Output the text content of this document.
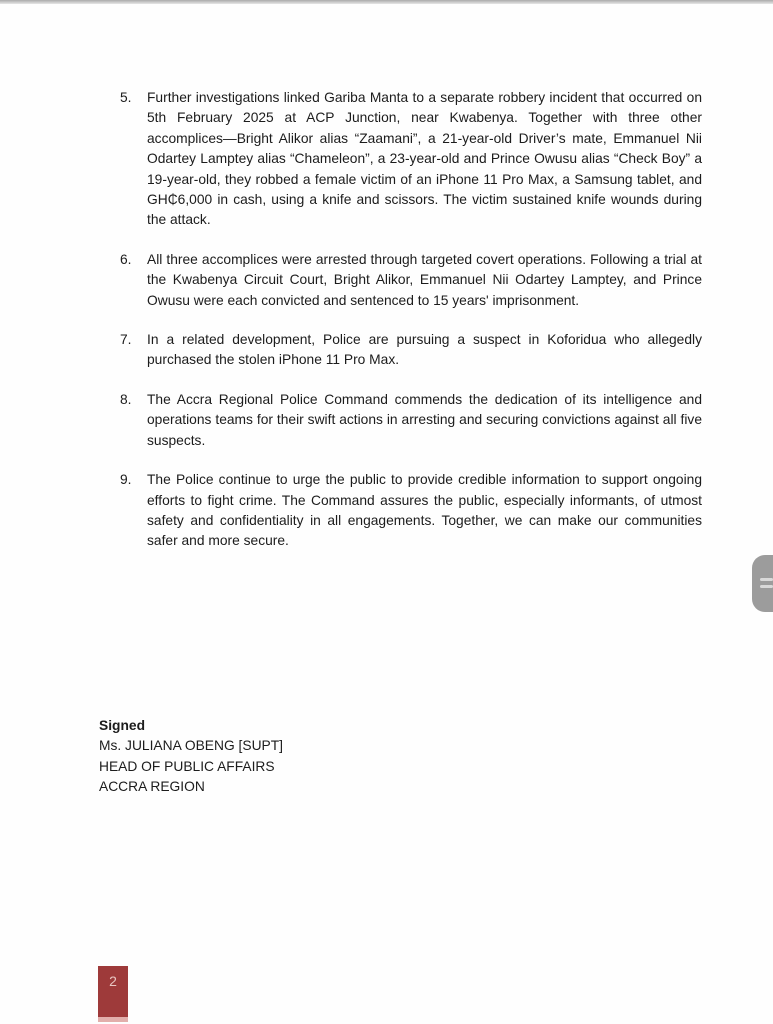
5.	Further investigations linked Gariba Manta to a separate robbery incident that occurred on 5th February 2025 at ACP Junction, near Kwabenya. Together with three other accomplices—Bright Alikor alias “Zaamani”, a 21-year-old Driver’s mate, Emmanuel Nii Odartey Lamptey alias “Chameleon”, a 23-year-old and Prince Owusu alias “Check Boy” a 19-year-old, they robbed a female victim of an iPhone 11 Pro Max, a Samsung tablet, and GH₵6,000 in cash, using a knife and scissors. The victim sustained knife wounds during the attack.
6.	All three accomplices were arrested through targeted covert operations. Following a trial at the Kwabenya Circuit Court, Bright Alikor, Emmanuel Nii Odartey Lamptey, and Prince Owusu were each convicted and sentenced to 15 years' imprisonment.
7.	In a related development, Police are pursuing a suspect in Koforidua who allegedly purchased the stolen iPhone 11 Pro Max.
8.	The Accra Regional Police Command commends the dedication of its intelligence and operations teams for their swift actions in arresting and securing convictions against all five suspects.
9.	The Police continue to urge the public to provide credible information to support ongoing efforts to fight crime. The Command assures the public, especially informants, of utmost safety and confidentiality in all engagements. Together, we can make our communities safer and more secure.
Signed
Ms. JULIANA OBENG [SUPT]
HEAD OF PUBLIC AFFAIRS
ACCRA REGION
2
